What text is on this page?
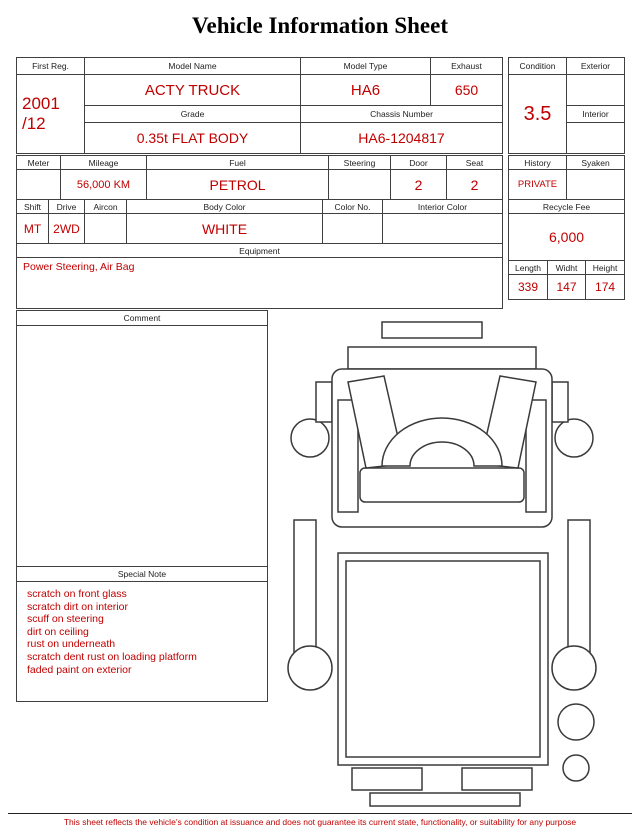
Vehicle Information Sheet
First Reg.	Model Name	Model Type	Exhaust

2001
/12	ACTY TRUCK	HA6	650
	Grade	Chassis Number	
	0.35t FLAT BODY	HA6-1204817	
Condition	Exterior
3.5	
	Interior

Meter	Mileage	Fuel	Steering	Door	Seat
	56,000 KM	PETROL		2	2
Shift	Drive	Aircon	Body Color	Color No.	Interior Color
MT	2WD		WHITE		
Equipment
Power Steering, Air Bag
History		Syaken	
PRIVATE			
Recycle Fee			
6,000			
Length	Widht		Height
339	147		174
Comment
Special Note
scratch on front glass
scratch dirt on interior
scuff on steering
dirt on ceiling
rust on underneath
scratch dent rust on loading platform
faded paint on exterior
This sheet reflects the vehicle’s condition at issuance and does not guarantee its current state, functionality, or suitability for any purpose
